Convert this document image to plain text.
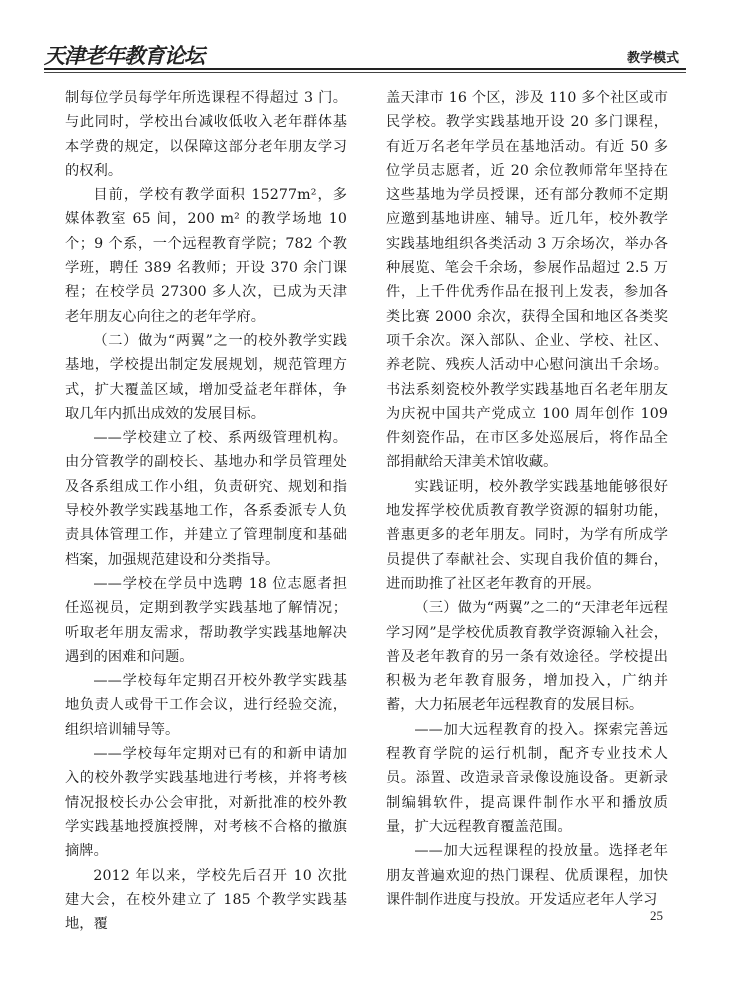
天津老年教育论坛	教学模式

制每位学员每学年所选课程不得超过 3 门。与此同时，学校出台减收低收入老年群体基本学费的规定，以保障这部分老年朋友学习的权利。

目前，学校有教学面积 15277m²，多媒体教室 65 间，200 m² 的教学场地 10 个；9 个系，一个远程教育学院；782 个教学班，聘任 389 名教师；开设 370 余门课程；在校学员 27300 多人次，已成为天津老年朋友心向往之的老年学府。

（二）做为“两翼”之一的校外教学实践基地，学校提出制定发展规划，规范管理方式，扩大覆盖区域，增加受益老年群体，争取几年内抓出成效的发展目标。

——学校建立了校、系两级管理机构。由分管教学的副校长、基地办和学员管理处及各系组成工作小组，负责研究、规划和指导校外教学实践基地工作，各系委派专人负责具体管理工作，并建立了管理制度和基础档案，加强规范建设和分类指导。

——学校在学员中选聘 18 位志愿者担任巡视员，定期到教学实践基地了解情况；听取老年朋友需求，帮助教学实践基地解决遇到的困难和问题。

——学校每年定期召开校外教学实践基地负责人或骨干工作会议，进行经验交流，组织培训辅导等。

——学校每年定期对已有的和新申请加入的校外教学实践基地进行考核，并将考核情况报校长办公会审批，对新批准的校外教学实践基地授旗授牌，对考核不合格的撤旗摘牌。

2012 年以来，学校先后召开 10 次批建大会，在校外建立了 185 个教学实践基地，覆

盖天津市 16 个区，涉及 110 多个社区或市民学校。教学实践基地开设 20 多门课程，有近万名老年学员在基地活动。有近 50 多位学员志愿者，近 20 余位教师常年坚持在这些基地为学员授课，还有部分教师不定期应邀到基地讲座、辅导。近几年，校外教学实践基地组织各类活动 3 万余场次，举办各种展览、笔会千余场，参展作品超过 2.5 万件，上千件优秀作品在报刊上发表，参加各类比赛 2000 余次，获得全国和地区各类奖项千余次。深入部队、企业、学校、社区、养老院、残疾人活动中心慰问演出千余场。书法系刻瓷校外教学实践基地百名老年朋友为庆祝中国共产党成立 100 周年创作 109 件刻瓷作品，在市区多处巡展后，将作品全部捐献给天津美术馆收藏。

实践证明，校外教学实践基地能够很好地发挥学校优质教育教学资源的辐射功能，普惠更多的老年朋友。同时，为学有所成学员提供了奉献社会、实现自我价值的舞台，进而助推了社区老年教育的开展。

（三）做为“两翼”之二的“天津老年远程学习网”是学校优质教育教学资源输入社会，普及老年教育的另一条有效途径。学校提出积极为老年教育服务，增加投入，广纳并蓄，大力拓展老年远程教育的发展目标。

——加大远程教育的投入。探索完善远程教育学院的运行机制，配齐专业技术人员。添置、改造录音录像设施设备。更新录制编辑软件，提高课件制作水平和播放质量，扩大远程教育覆盖范围。

——加大远程课程的投放量。选择老年朋友普遍欢迎的热门课程、优质课程，加快课件制作进度与投放。开发适应老年人学习

25
